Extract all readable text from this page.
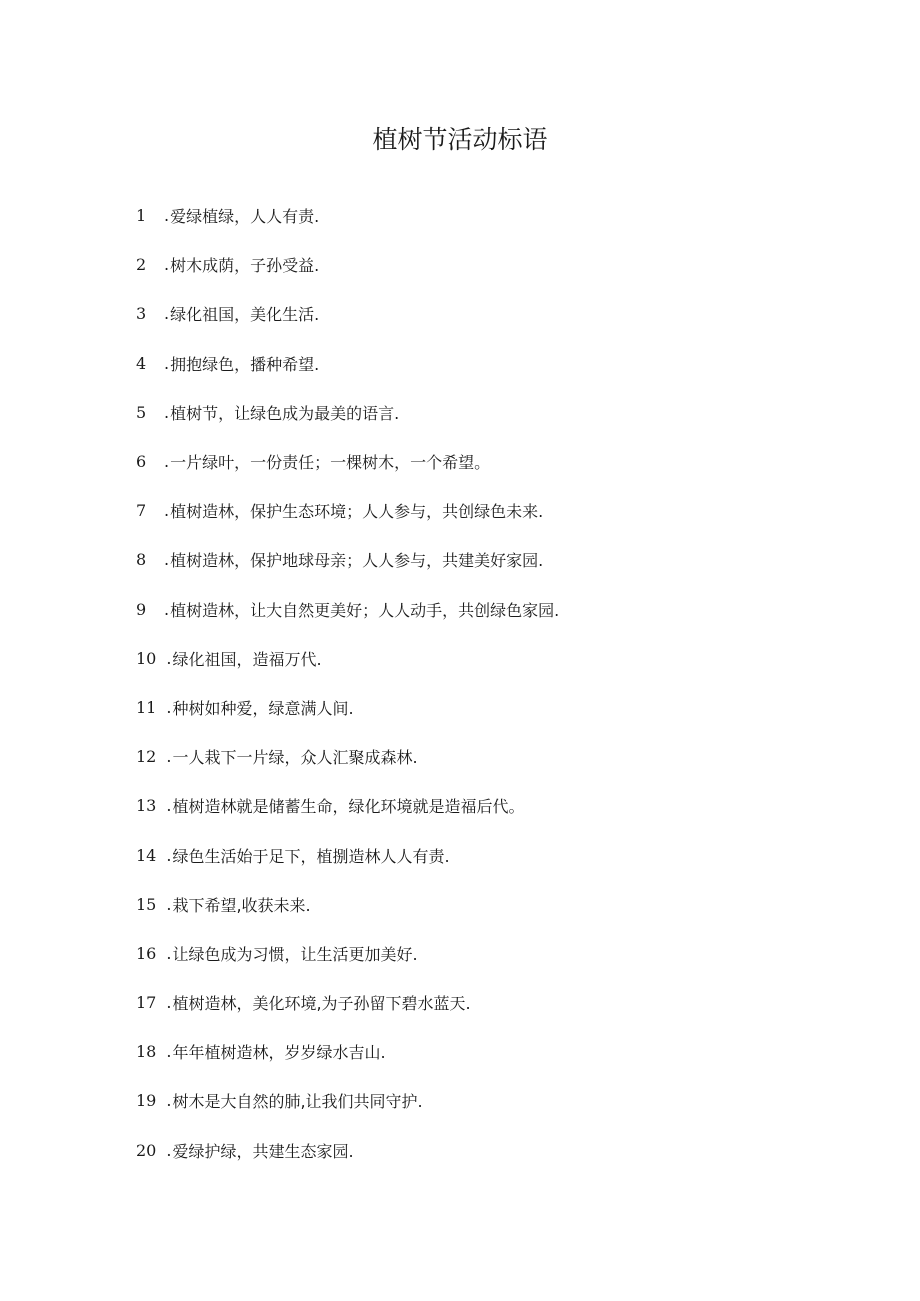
植树节活动标语
1	. 爱绿植绿，人人有责.
2	. 树木成荫，子孙受益.
3	. 绿化祖国，美化生活.
4	. 拥抱绿色，播种希望.
5	. 植树节，让绿色成为最美的语言.
6	. 一片绿叶，一份责任；一棵树木，一个希望。
7	. 植树造林，保护生态环境；人人参与，共创绿色未来.
8	. 植树造林，保护地球母亲；人人参与，共建美好家园.
9	. 植树造林，让大自然更美好；人人动手，共创绿色家园.
10 . 绿化祖国，造福万代.
11 . 种树如种爱，绿意满人间.
12 . 一人栽下一片绿，众人汇聚成森林.
13 . 植树造林就是储蓄生命，绿化环境就是造福后代。
14 . 绿色生活始于足下，植捌造林人人有责.
15 . 栽下希望,收获未来.
16 . 让绿色成为习惯，让生活更加美好.
17 . 植树造林，美化环境,为子孙留下碧水蓝天.
18 . 年年植树造林，岁岁绿水吉山.
19 . 树木是大自然的肺,让我们共同守护.
20 . 爱绿护绿，共建生态家园.
